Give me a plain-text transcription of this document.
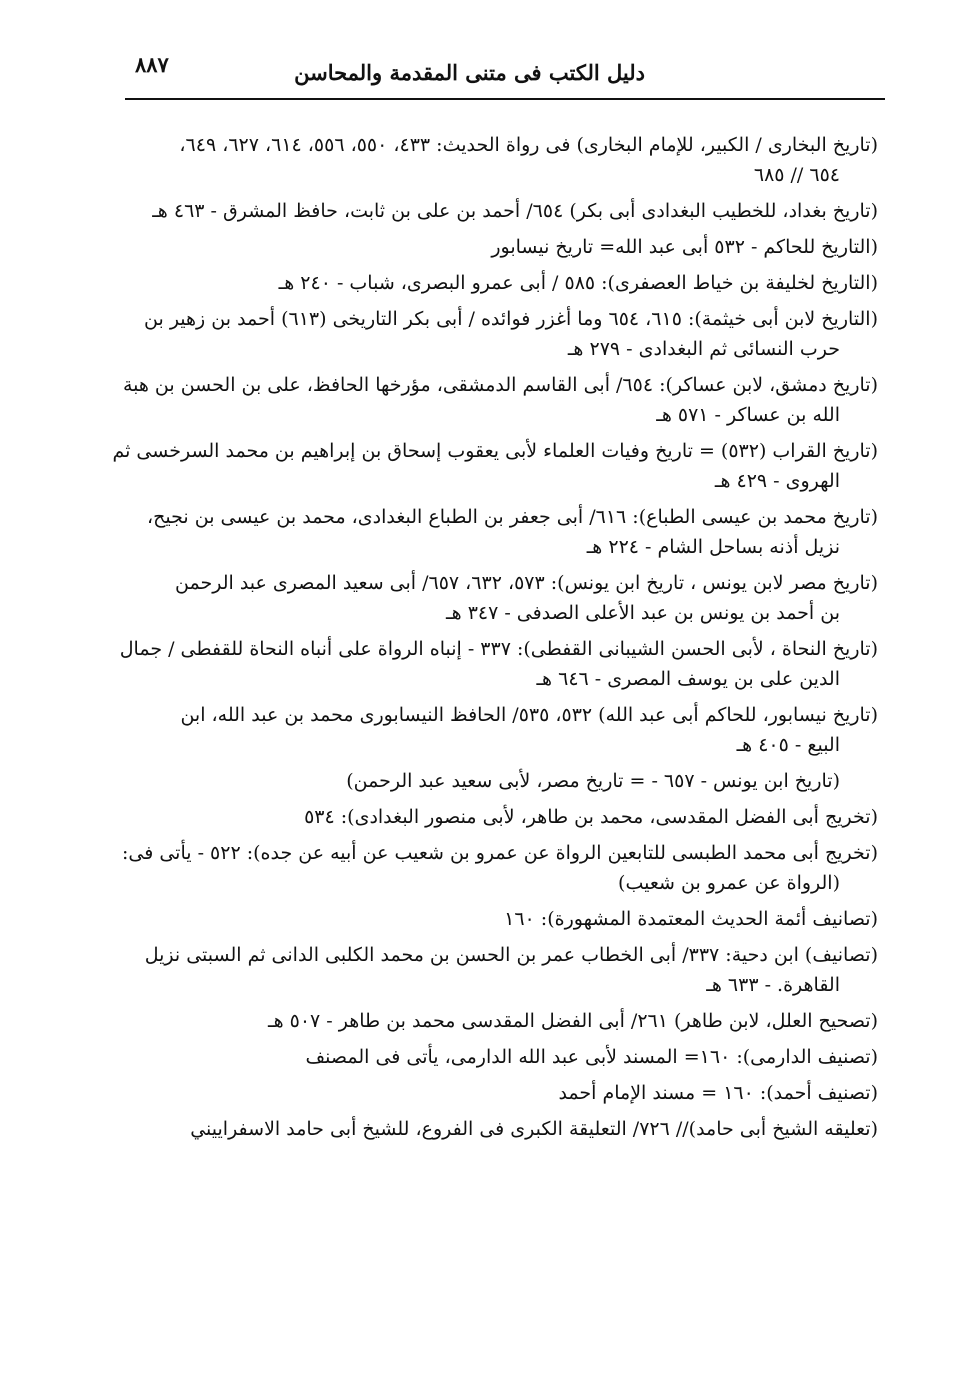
دليل الكتب فى متنى المقدمة والمحاسن
٨٨٧
(تاريخ البخارى / الكبير، للإمام البخارى) فى رواة الحديث: ٤٣٣، ٥٥٠، ٥٥٦، ٦١٤، ٦٢٧، ٦٤٩،
٦٥٤ // ٦٨٥
(تاريخ بغداد، للخطيب البغدادى أبى بكر) ٦٥٤/ أحمد بن على بن ثابت، حافظ المشرق - ٤٦٣ هـ
(التاريخ للحاكم - ٥٣٢ أبى عبد الله= تاريخ نيسابور
(التاريخ لخليفة بن خياط العصفرى): ٥٨٥ / أبى عمرو البصرى، شباب - ٢٤٠ هـ
(التاريخ لابن أبى خيثمة): ٦١٥، ٦٥٤ وما أغزر فوائده / أبى بكر التاريخى (٦١٣) أحمد بن زهير بن
حرب النسائى ثم البغدادى - ٢٧٩ هـ
(تاريخ دمشق، لابن عساكر): ٦٥٤/ أبى القاسم الدمشقى، مؤرخها الحافظ، على بن الحسن بن هبة
الله بن عساكر - ٥٧١ هـ
(تاريخ القراب (٥٣٢) = تاريخ وفيات العلماء لأبى يعقوب إسحاق بن إبراهيم بن محمد السرخسى ثم
الهروى - ٤٢٩ هـ
(تاريخ محمد بن عيسى الطباع): ٦١٦/ أبى جعفر بن الطباع البغدادى، محمد بن عيسى بن نجيح،
نزيل أذنه بساحل الشام - ٢٢٤ هـ
(تاريخ مصر لابن يونس ، تاريخ ابن يونس): ٥٧٣، ٦٣٢، ٦٥٧/ أبى سعيد المصرى عبد الرحمن
بن أحمد بن يونس بن عبد الأعلى الصدفى - ٣٤٧ هـ
(تاريخ النحاة ، لأبى الحسن الشيبانى القفطى): ٣٣٧ - إنباه الرواة على أنباه النحاة للقفطى / جمال
الدين على بن يوسف المصرى - ٦٤٦ هـ
(تاريخ نيسابور، للحاكم أبى عبد الله) ٥٣٢، ٥٣٥/ الحافظ النيسابورى محمد بن عبد الله، ابن
البيع - ٤٠٥ هـ
(تاريخ ابن يونس - ٦٥٧ - = تاريخ مصر، لأبى سعيد عبد الرحمن)
(تخريج أبى الفضل المقدسى، محمد بن طاهر، لأبى منصور البغدادى): ٥٣٤
(تخريج أبى محمد الطبسى للتابعين الرواة عن عمرو بن شعيب عن أبيه عن جده): ٥٢٢ - يأتى فى:
(الرواة عن عمرو بن شعيب)
(تصانيف أئمة الحديث المعتمدة المشهورة): ١٦٠
(تصانيف) ابن دحية: ٣٣٧/ أبى الخطاب عمر بن الحسن بن محمد الكلبى الدانى ثم السبتى نزيل
القاهرة. - ٦٣٣ هـ
(تصحيح العلل، لابن طاهر) ٢٦١/ أبى الفضل المقدسى محمد بن طاهر - ٥٠٧ هـ
(تصنيف الدارمى): ١٦٠= المسند لأبى عبد الله الدارمى، يأتى فى المصنف
(تصنيف أحمد): ١٦٠ = مسند الإمام أحمد
(تعليقه الشيخ أبى حامد)// ٧٢٦/ التعليقة الكبرى فى الفروع، للشيخ أبى حامد الاسفراييني
